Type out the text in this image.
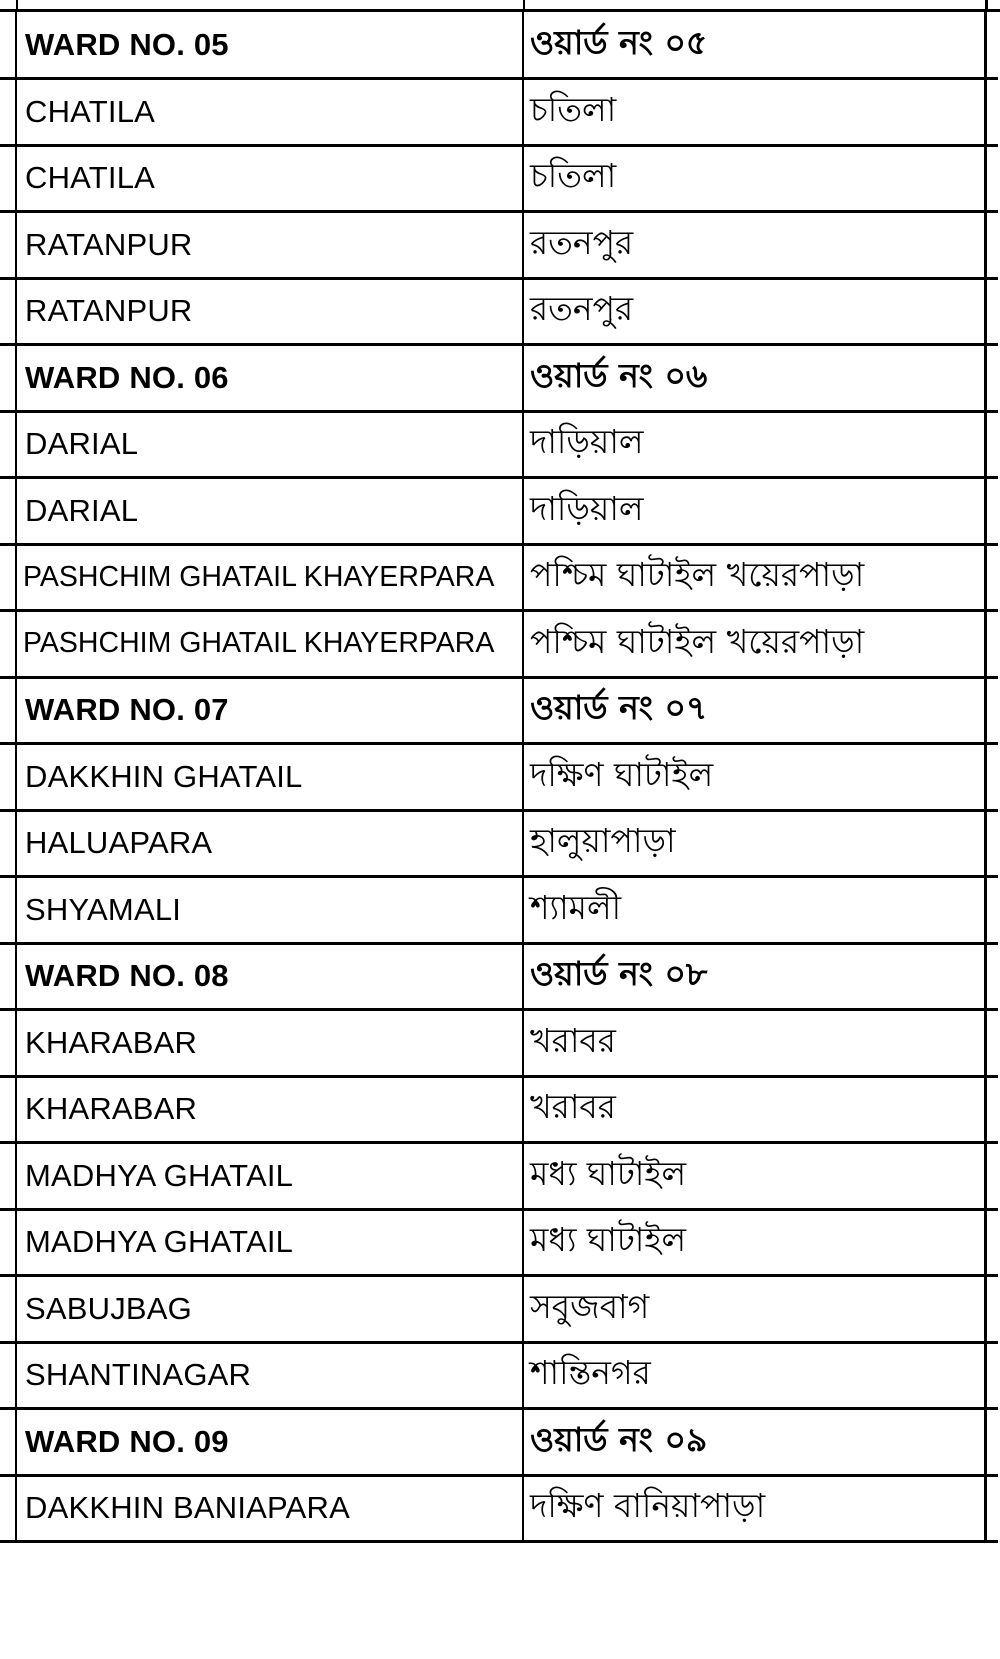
	WARD NO. 05	ওয়ার্ড নং ০৫	
	CHATILA	চতিলা	
	CHATILA	চতিলা	
	RATANPUR	রতনপুর	
	RATANPUR	রতনপুর	
	WARD NO. 06	ওয়ার্ড নং ০৬	
	DARIAL	দাড়িয়াল	
	DARIAL	দাড়িয়াল	
	PASHCHIM GHATAIL KHAYERPARA	পশ্চিম ঘাটাইল খয়েরপাড়া	
	PASHCHIM GHATAIL KHAYERPARA	পশ্চিম ঘাটাইল খয়েরপাড়া	
	WARD NO. 07	ওয়ার্ড নং ০৭	
	DAKKHIN GHATAIL	দক্ষিণ ঘাটাইল	
	HALUAPARA	হালুয়াপাড়া	
	SHYAMALI	শ্যামলী	
	WARD NO. 08	ওয়ার্ড নং ০৮	
	KHARABAR	খরাবর	
	KHARABAR	খরাবর	
	MADHYA GHATAIL	মধ্য ঘাটাইল	
	MADHYA GHATAIL	মধ্য ঘাটাইল	
	SABUJBAG	সবুজবাগ	
	SHANTINAGAR	শান্তিনগর	
	WARD NO. 09	ওয়ার্ড নং ০৯	
	DAKKHIN BANIAPARA	দক্ষিণ বানিয়াপাড়া	
